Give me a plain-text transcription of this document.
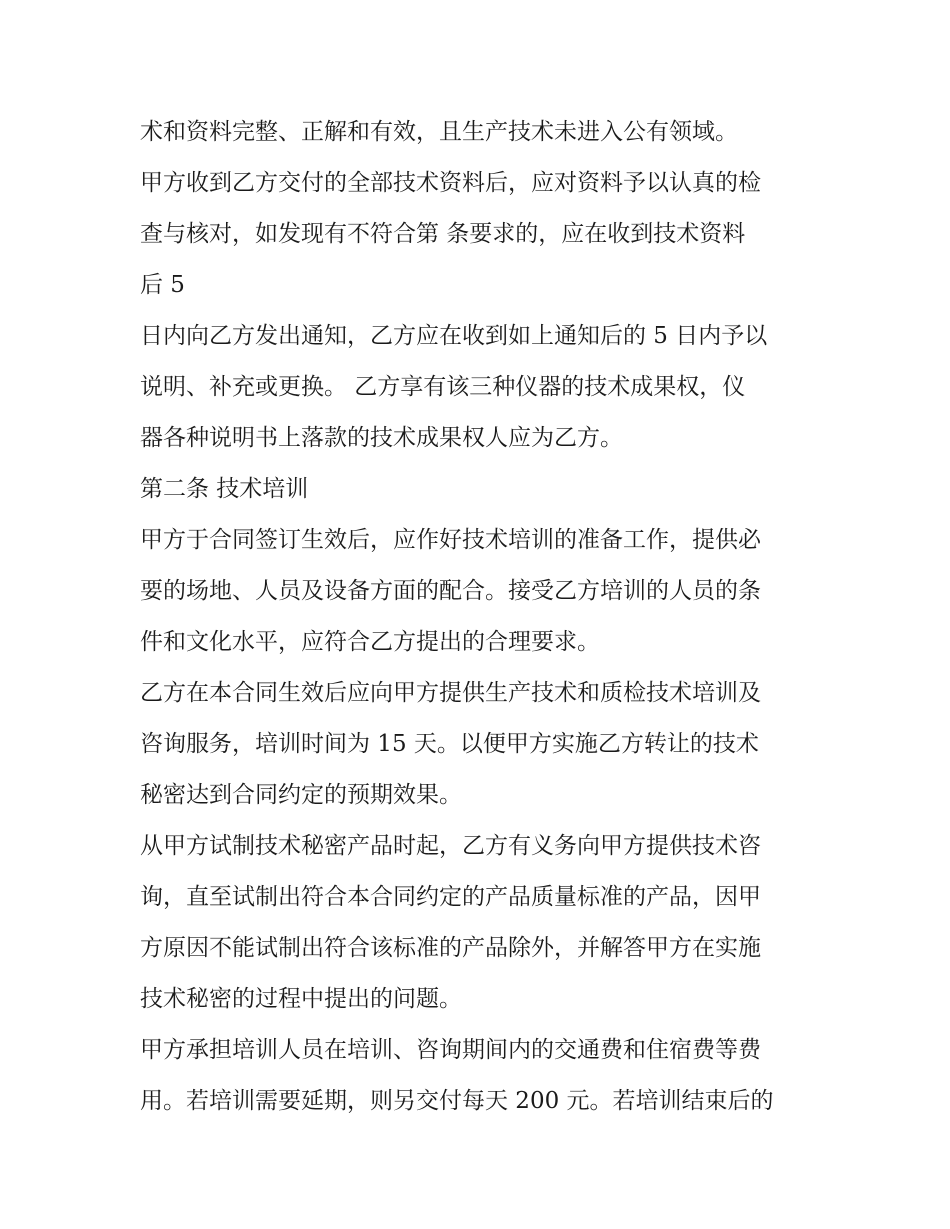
术和资料完整、正解和有效，且生产技术未进入公有领域。
甲方收到乙方交付的全部技术资料后，应对资料予以认真的检
查与核对，如发现有不符合第 条要求的，应在收到技术资料
后 5
日内向乙方发出通知，乙方应在收到如上通知后的 5 日内予以
说明、补充或更换。 乙方享有该三种仪器的技术成果权，仪
器各种说明书上落款的技术成果权人应为乙方。
第二条 技术培训
甲方于合同签订生效后，应作好技术培训的准备工作，提供必
要的场地、人员及设备方面的配合。接受乙方培训的人员的条
件和文化水平，应符合乙方提出的合理要求。
乙方在本合同生效后应向甲方提供生产技术和质检技术培训及
咨询服务，培训时间为 15 天。以便甲方实施乙方转让的技术
秘密达到合同约定的预期效果。
从甲方试制技术秘密产品时起，乙方有义务向甲方提供技术咨
询，直至试制出符合本合同约定的产品质量标准的产品，因甲
方原因不能试制出符合该标准的产品除外，并解答甲方在实施
技术秘密的过程中提出的问题。
甲方承担培训人员在培训、咨询期间内的交通费和住宿费等费
用。若培训需要延期，则另交付每天 200 元。若培训结束后的
